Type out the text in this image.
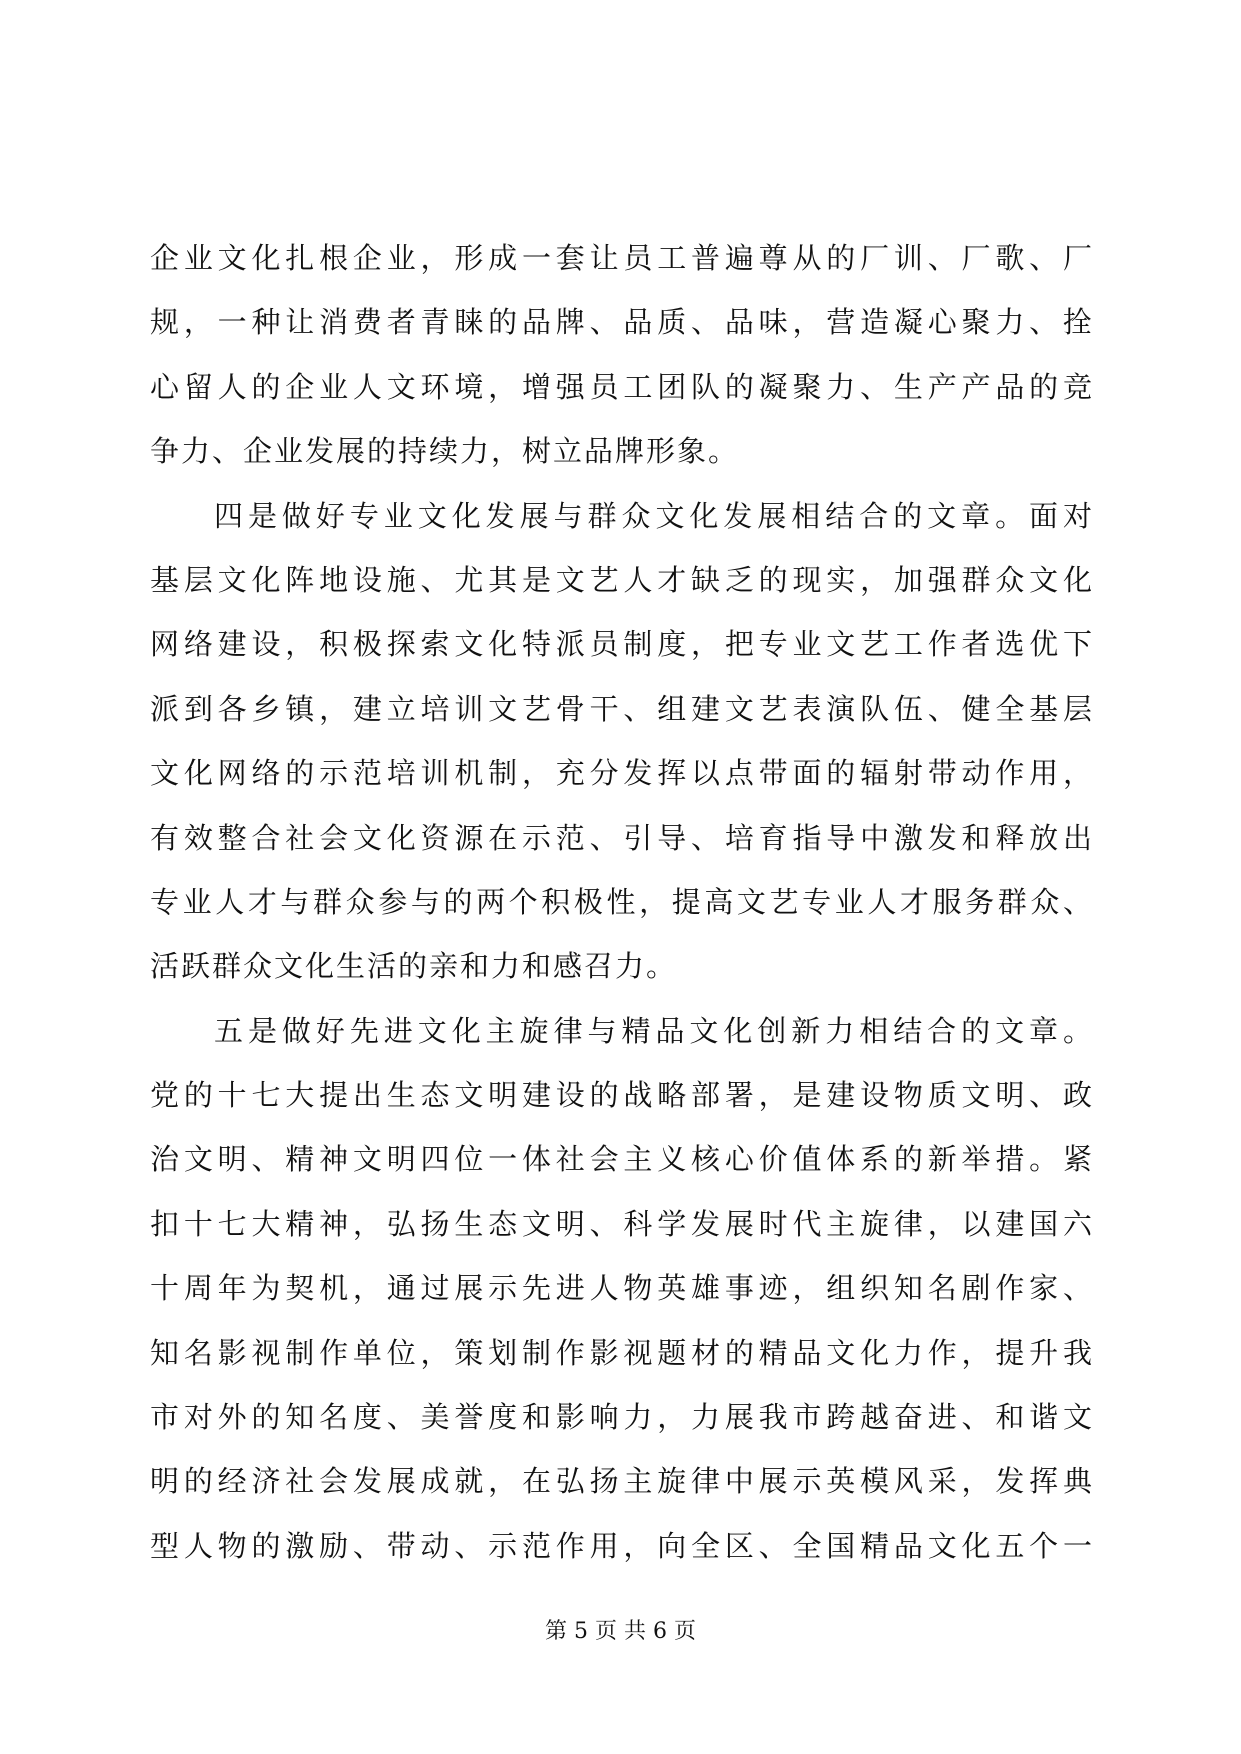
企业文化扎根企业，形成一套让员工普遍尊从的厂训、厂歌、厂
规，一种让消费者青睐的品牌、品质、品味，营造凝心聚力、拴
心留人的企业人文环境，增强员工团队的凝聚力、生产产品的竞
争力、企业发展的持续力，树立品牌形象。
四是做好专业文化发展与群众文化发展相结合的文章。面对
基层文化阵地设施、尤其是文艺人才缺乏的现实，加强群众文化
网络建设，积极探索文化特派员制度，把专业文艺工作者选优下
派到各乡镇，建立培训文艺骨干、组建文艺表演队伍、健全基层
文化网络的示范培训机制，充分发挥以点带面的辐射带动作用，
有效整合社会文化资源在示范、引导、培育指导中激发和释放出
专业人才与群众参与的两个积极性，提高文艺专业人才服务群众、
活跃群众文化生活的亲和力和感召力。
五是做好先进文化主旋律与精品文化创新力相结合的文章。
党的十七大提出生态文明建设的战略部署，是建设物质文明、政
治文明、精神文明四位一体社会主义核心价值体系的新举措。紧
扣十七大精神，弘扬生态文明、科学发展时代主旋律，以建国六
十周年为契机，通过展示先进人物英雄事迹，组织知名剧作家、
知名影视制作单位，策划制作影视题材的精品文化力作，提升我
市对外的知名度、美誉度和影响力，力展我市跨越奋进、和谐文
明的经济社会发展成就，在弘扬主旋律中展示英模风采，发挥典
型人物的激励、带动、示范作用，向全区、全国精品文化五个一
第 5 页 共 6 页
